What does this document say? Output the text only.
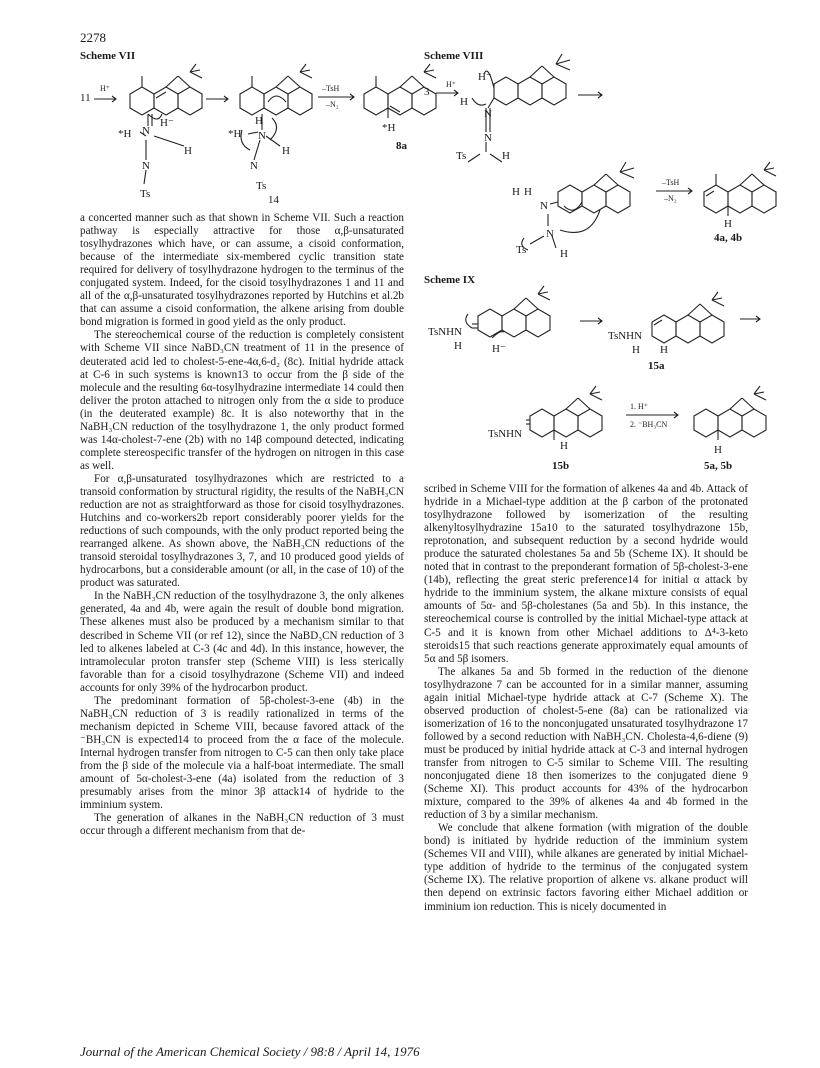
2278
Scheme VII
11
H⁺
H⁻
*H N
H
N
Ts
H
*H N
H
N
Ts
14
–TsH
–N₂
*H
8a
Scheme VIII
3
H⁺
H⁻
H
N
N
Ts	H
H H
N
N
Ts	H
–TsH
–N₂
H
4a, 4b
Scheme IX
TsNHN
H	H⁻
TsNHN
H H
15a
TsNHN
H
1. H⁺
2. ⁻BH₃CN
H
15b	5a, 5b

a concerted manner such as that shown in Scheme VII. Such a reaction pathway is especially attractive for those α,β-unsaturated tosylhydrazones which have, or can assume, a cisoid conformation, because of the intermediate six-membered cyclic transition state required for delivery of tosylhydrazone hydrogen to the terminus of the conjugated system. Indeed, for the cisoid tosylhydrazones 1 and 11 and all of the α,β-unsaturated tosylhydrazones reported by Hutchins et al.2b that can assume a cisoid conformation, the alkene arising from double bond migration is formed in good yield as the only product.

The stereochemical course of the reduction is completely consistent with Scheme VII since NaBD₃CN treatment of 11 in the presence of deuterated acid led to cholest-5-ene-4α,6-d₂ (8c). Initial hydride attack at C-6 in such systems is known13 to occur from the β side of the molecule and the resulting 6α-tosylhydrazine intermediate 14 could then deliver the proton attached to nitrogen only from the α side to produce (in the deuterated example) 8c. It is also noteworthy that in the NaBH₃CN reduction of the tosylhydrazone 1, the only product formed was 14α-cholest-7-ene (2b) with no 14β compound detected, indicating complete stereospecific transfer of the hydrogen on nitrogen in this case as well.

For α,β-unsaturated tosylhydrazones which are restricted to a transoid conformation by structural rigidity, the results of the NaBH₃CN reduction are not as straightforward as those for cisoid tosylhydrazones. Hutchins and co-workers2b report considerably poorer yields for the reductions of such compounds, with the only product reported being the rearranged alkene. As shown above, the NaBH₃CN reductions of the transoid steroidal tosylhydrazones 3, 7, and 10 produced good yields of hydrocarbons, but a considerable amount (or all, in the case of 10) of the product was saturated.

In the NaBH₃CN reduction of the tosylhydrazone 3, the only alkenes generated, 4a and 4b, were again the result of double bond migration. These alkenes must also be produced by a mechanism similar to that described in Scheme VII (or ref 12), since the NaBD₃CN reduction of 3 led to alkenes labeled at C-3 (4c and 4d). In this instance, however, the intramolecular proton transfer step (Scheme VIII) is less sterically favorable than for a cisoid tosylhydrazone (Scheme VII) and indeed accounts for only 39% of the hydrocarbon product.

The predominant formation of 5β-cholest-3-ene (4b) in the NaBH₃CN reduction of 3 is readily rationalized in terms of the mechanism depicted in Scheme VIII, because favored attack of the ⁻BH₃CN is expected14 to proceed from the α face of the molecule. Internal hydrogen transfer from nitrogen to C-5 can then only take place from the β side of the molecule via a half-boat intermediate. The small amount of 5α-cholest-3-ene (4a) isolated from the reduction of 3 presumably arises from the minor 3β attack14 of hydride to the imminium system.

The generation of alkanes in the NaBH₃CN reduction of 3 must occur through a different mechanism from that de-

scribed in Scheme VIII for the formation of alkenes 4a and 4b. Attack of hydride in a Michael-type addition at the β carbon of the protonated tosylhydrazone followed by isomerization of the resulting alkenyltosylhydrazine 15a10 to the saturated tosylhydrazone 15b, reprotonation, and subsequent reduction by a second hydride would produce the saturated cholestanes 5a and 5b (Scheme IX). It should be noted that in contrast to the preponderant formation of 5β-cholest-3-ene (14b), reflecting the great steric preference14 for initial α attack by hydride to the imminium system, the alkane mixture consists of equal amounts of 5α- and 5β-cholestanes (5a and 5b). In this instance, the stereochemical course is controlled by the initial Michael-type attack at C-5 and it is known from other Michael additions to Δ⁴-3-keto steroids15 that such reactions generate approximately equal amounts of 5α and 5β isomers.

The alkanes 5a and 5b formed in the reduction of the dienone tosylhydrazone 7 can be accounted for in a similar manner, assuming again initial Michael-type hydride attack at C-7 (Scheme X). The observed production of cholest-5-ene (8a) can be rationalized via isomerization of 16 to the nonconjugated unsaturated tosylhydrazone 17 followed by a second reduction with NaBH₃CN. Cholesta-4,6-diene (9) must be produced by initial hydride attack at C-3 and internal hydrogen transfer from nitrogen to C-5 similar to Scheme VIII. The resulting nonconjugated diene 18 then isomerizes to the conjugated diene 9 (Scheme XI). This product accounts for 43% of the hydrocarbon mixture, compared to the 39% of alkenes 4a and 4b formed in the reduction of 3 by a similar mechanism.

We conclude that alkene formation (with migration of the double bond) is initiated by hydride reduction of the imminium system (Schemes VII and VIII), while alkanes are generated by initial Michael-type addition of hydride to the terminus of the conjugated system (Scheme IX). The relative proportion of alkene vs. alkane product will then depend on extrinsic factors favoring either Michael addition or imminium ion reduction. This is nicely documented in

Journal of the American Chemical Society / 98:8 / April 14, 1976
